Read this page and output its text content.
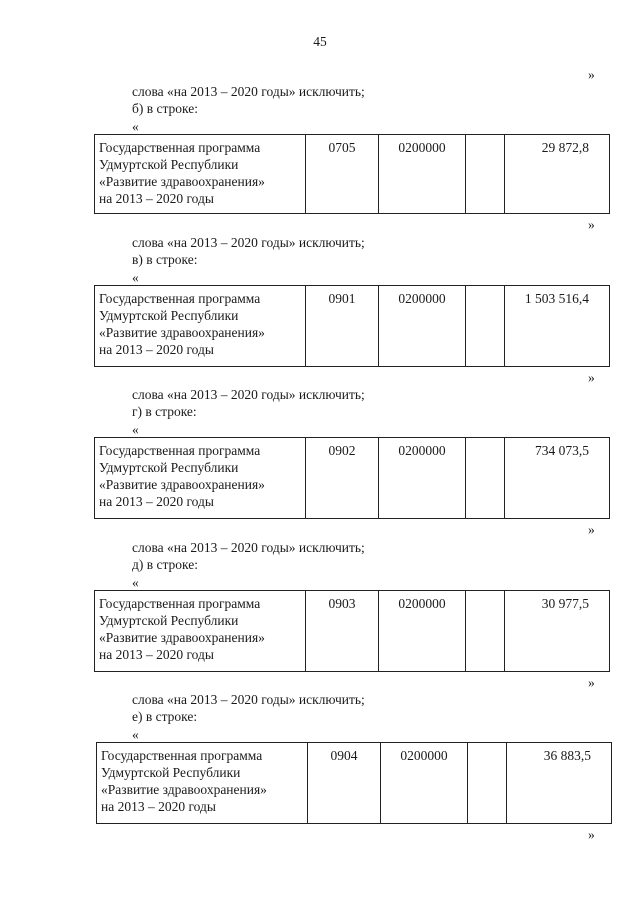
45
»
слова «на 2013 – 2020 годы» исключить;
б) в строке:
«
Государственная программа
Удмуртской Республики
«Развитие здравоохранения»
на 2013 – 2020 годы
	0705	0200000		29 872,8
»
слова «на 2013 – 2020 годы» исключить;
в) в строке:
«
Государственная программа
Удмуртской Республики
«Развитие здравоохранения»
на 2013 – 2020 годы
	0901	0200000		1 503 516,4
»
слова «на 2013 – 2020 годы» исключить;
г) в строке:
«
Государственная программа
Удмуртской Республики
«Развитие здравоохранения»
на 2013 – 2020 годы
	0902	0200000		734 073,5
»
слова «на 2013 – 2020 годы» исключить;
д) в строке:
«
Государственная программа
Удмуртской Республики
«Развитие здравоохранения»
на 2013 – 2020 годы
	0903	0200000		30 977,5
»
слова «на 2013 – 2020 годы» исключить;
е) в строке:
«
Государственная программа
Удмуртской Республики
«Развитие здравоохранения»
на 2013 – 2020 годы
	0904	0200000		36 883,5
»
